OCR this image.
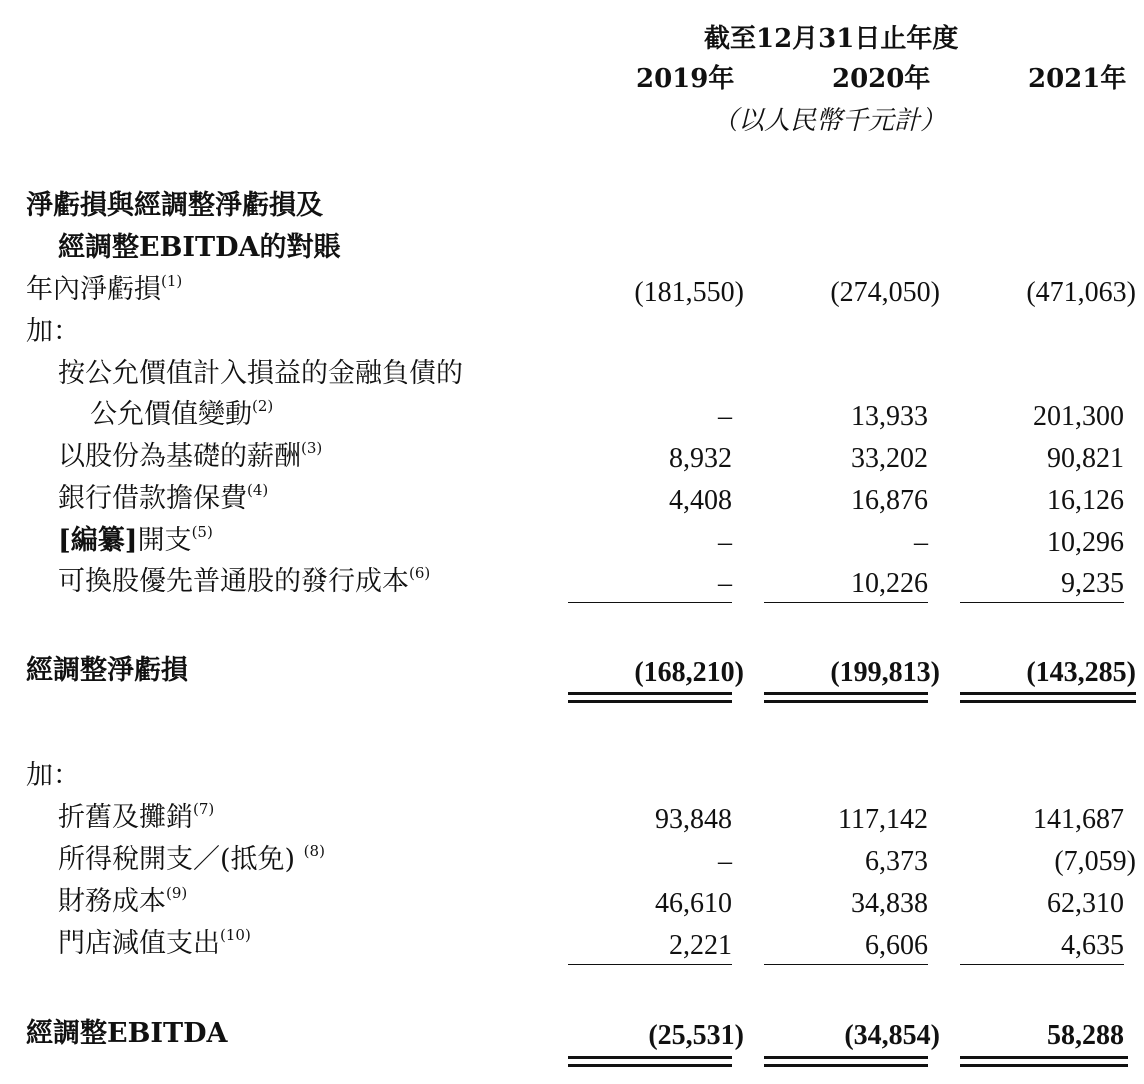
截至12月31日止年度
2019年	2020年	2021年
（以人民幣千元計）
淨虧損與經調整淨虧損及
經調整EBITDA的對賬
年內淨虧損$^{(1)}$	(181,550)	(274,050)	(471,063)
加：
按公允價值計入損益的金融負債的
公允價值變動$^{(2)}$	–	13,933	201,300
以股份為基礎的薪酬$^{(3)}$	8,932	33,202	90,821
銀行借款擔保費$^{(4)}$	4,408	16,876	16,126
[編纂]開支$^{(5)}$	–	–	10,296
可換股優先普通股的發行成本$^{(6)}$	–	10,226	9,235
經調整淨虧損	(168,210)	(199,813)	(143,285)
加：
折舊及攤銷$^{(7)}$	93,848	117,142	141,687
所得稅開支／(抵免) $^{(8)}$	–	6,373	(7,059)
財務成本$^{(9)}$	46,610	34,838	62,310
門店減值支出$^{(10)}$	2,221	6,606	4,635
經調整EBITDA	(25,531)	(34,854)	58,288
